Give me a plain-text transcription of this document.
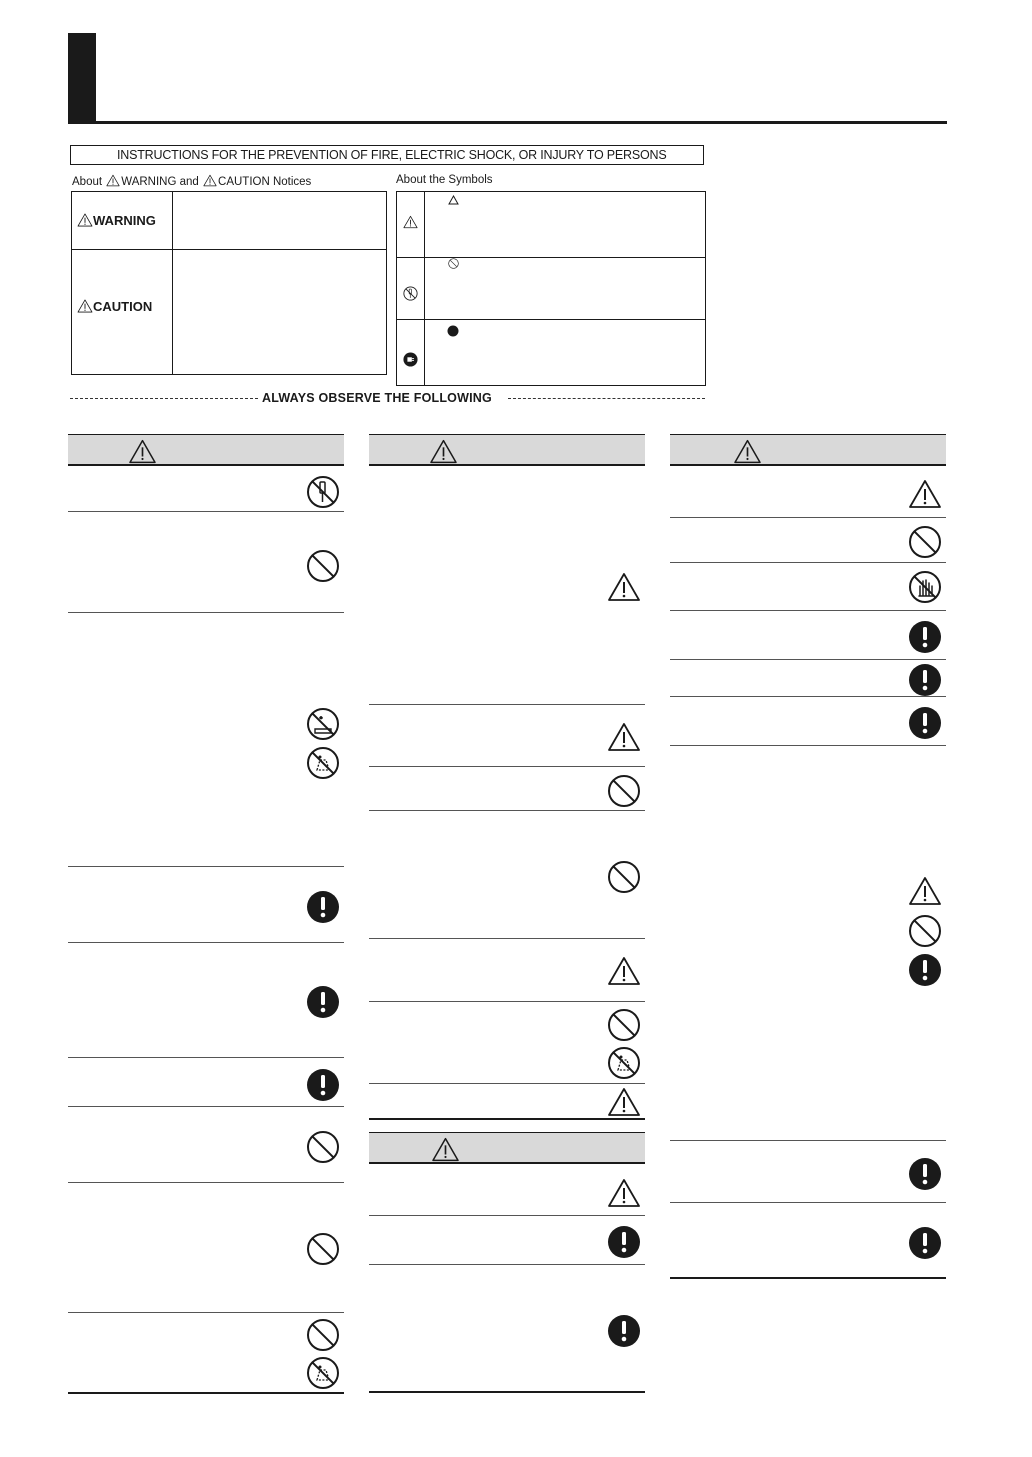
INSTRUCTIONS FOR THE PREVENTION OF FIRE, ELECTRIC SHOCK, OR INJURY TO PERSONS
About WARNING and CAUTION Notices	About the Symbols
WARNING
CAUTION
ALWAYS OBSERVE THE FOLLOWING
